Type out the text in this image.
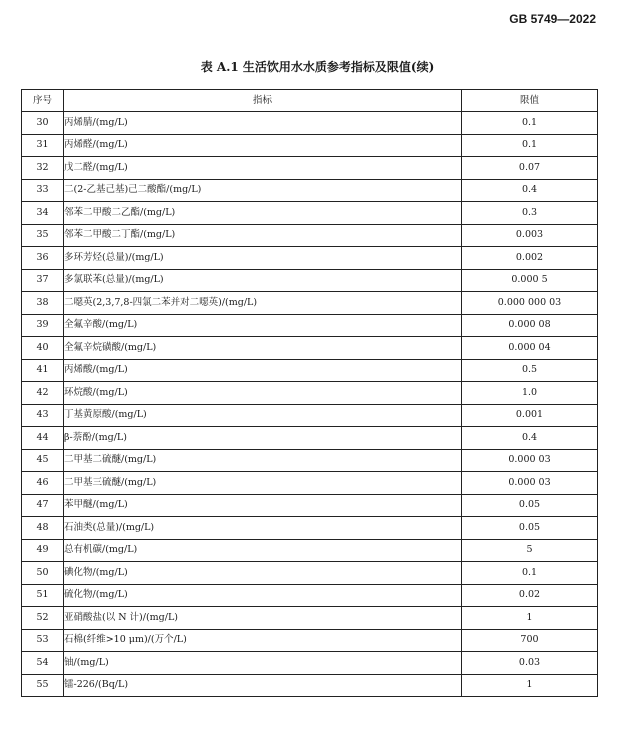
GB 5749—2022
表 A.1 生活饮用水水质参考指标及限值(续)
序号	指标	限值
30	丙烯腈/(mg/L)	0.1
31	丙烯醛/(mg/L)	0.1
32	戊二醛/(mg/L)	0.07
33	二(2-乙基己基)己二酸酯/(mg/L)	0.4
34	邻苯二甲酸二乙酯/(mg/L)	0.3
35	邻苯二甲酸二丁酯/(mg/L)	0.003
36	多环芳烃(总量)/(mg/L)	0.002
37	多氯联苯(总量)/(mg/L)	0.000 5
38	二噁英(2,3,7,8-四氯二苯并对二噁英)/(mg/L)	0.000 000 03
39	全氟辛酸/(mg/L)	0.000 08
40	全氟辛烷磺酸/(mg/L)	0.000 04
41	丙烯酸/(mg/L)	0.5
42	环烷酸/(mg/L)	1.0
43	丁基黄原酸/(mg/L)	0.001
44	β-萘酚/(mg/L)	0.4
45	二甲基二硫醚/(mg/L)	0.000 03
46	二甲基三硫醚/(mg/L)	0.000 03
47	苯甲醚/(mg/L)	0.05
48	石油类(总量)/(mg/L)	0.05
49	总有机碳/(mg/L)	5
50	碘化物/(mg/L)	0.1
51	硫化物/(mg/L)	0.02
52	亚硝酸盐(以 N 计)/(mg/L)	1
53	石棉(纤维>10 μm)/(万个/L)	700
54	铀/(mg/L)	0.03
55	镭-226/(Bq/L)	1
